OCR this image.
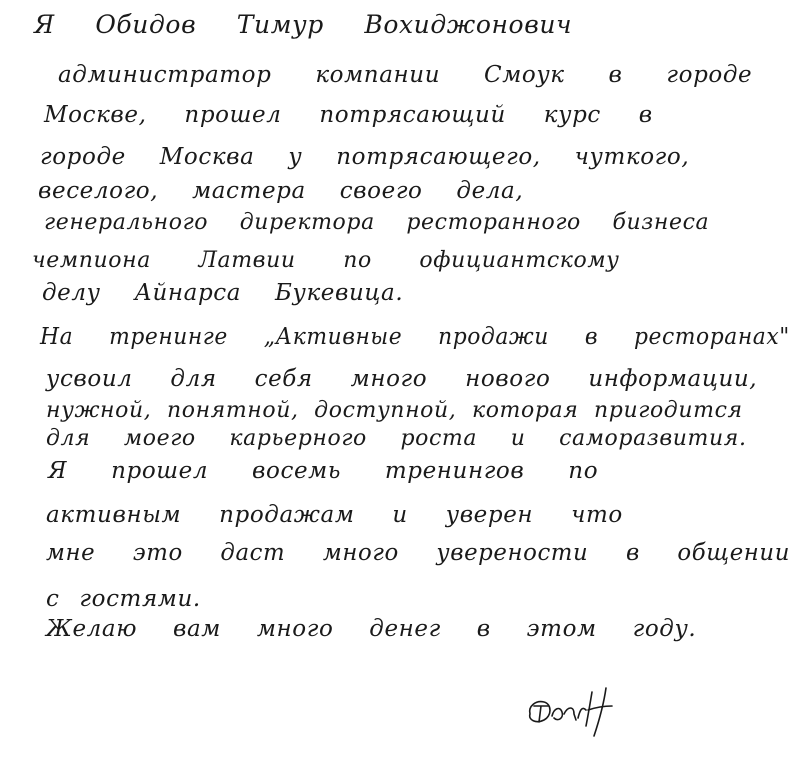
Я Обидов Тимур Вохиджонович
администратор компании Смоук в городе
Москве, прошел потрясающий курс в
городе Москва у потрясающего, чуткого,
веселого, мастера своего дела,
генерального директора ресторанного бизнеса
чемпиона Латвии по официантскому
делу Айнарса Букевица.
На тренинге „Активные продажи в ресторанах"
усвоил для себя много нового информации,
нужной, понятной, доступной, которая пригодится
для моего карьерного роста и саморазвития.
Я прошел восемь тренингов по
активным продажам и уверен что
мне это даст много уверености в общении
с гостями.
Желаю вам много денег в этом году.
